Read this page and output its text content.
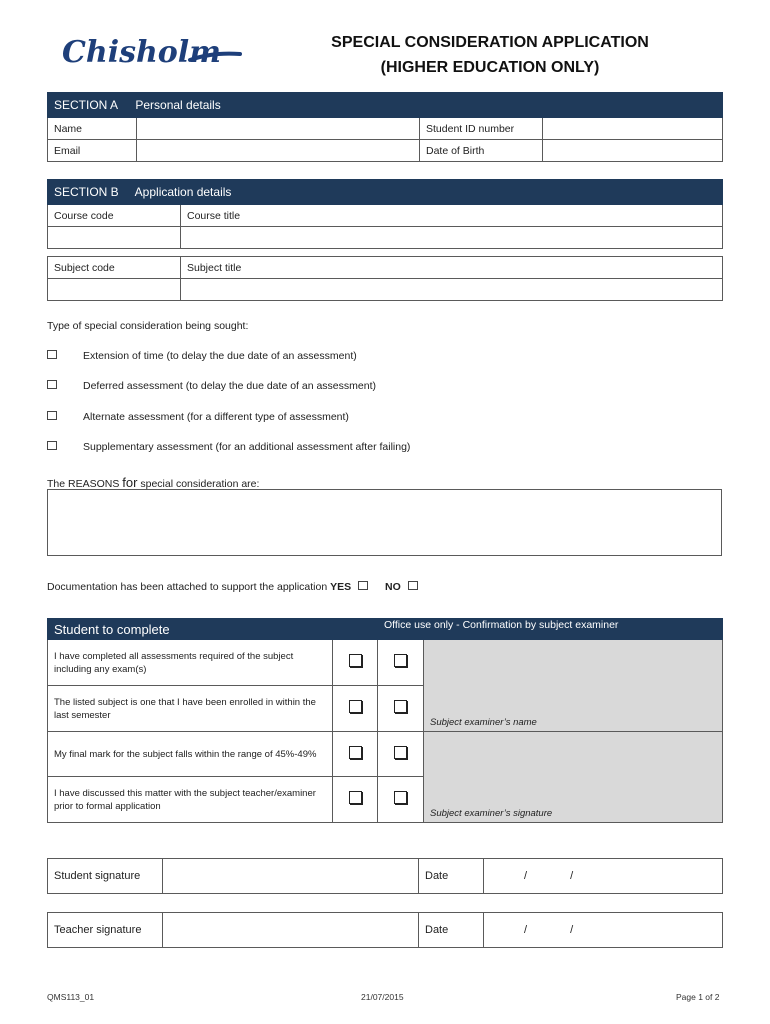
Chisholm	SPECIAL CONSIDERATION APPLICATION
(HIGHER EDUCATION ONLY)
SECTION A Personal details			
Name		Student ID number	
Email		Date of Birth	
SECTION B Application details	
Course code	Course title

Subject code	Subject title

Type of special consideration being sought:
Extension of time (to delay the due date of an assessment)
Deferred assessment (to delay the due date of an assessment)
Alternate assessment (for a different type of assessment)
Supplementary assessment (for an additional assessment after failing)
The REASONS for special consideration are:
Documentation has been attached to support the application YES	NO
Student to complete		Office use only - Confirmation by subject examiner	
I have completed all assessments required of the subject including any exam(s)			Subject examiner’s name
The listed subject is one that I have been enrolled in within the last semester			
My final mark for the subject falls within the range of 45%-49%			Subject examiner’s signature
I have discussed this matter with the subject teacher/examiner prior to formal application			
Student signature		Date	/	/
Teacher signature		Date	/	/
QMS113_01	21/07/2015	Page 1 of 2
